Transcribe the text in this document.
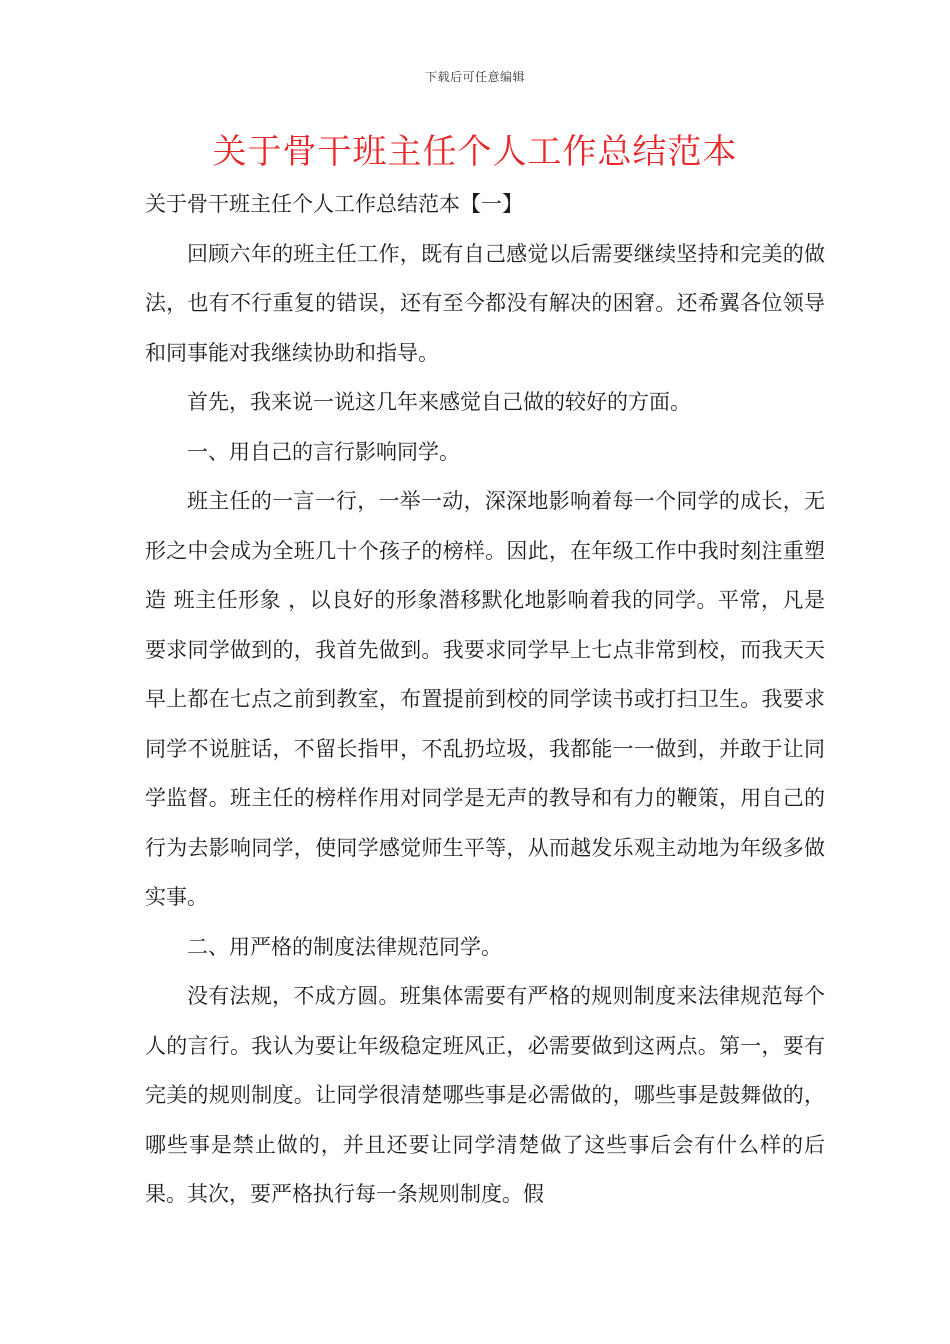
下载后可任意编辑
关于骨干班主任个人工作总结范本

关于骨干班主任个人工作总结范本【一】

回顾六年的班主任工作，既有自己感觉以后需要继续坚持和完美的做法，也有不行重复的错误，还有至今都没有解决的困窘。还希翼各位领导和同事能对我继续协助和指导。

首先，我来说一说这几年来感觉自己做的较好的方面。

一、用自己的言行影响同学。

班主任的一言一行，一举一动，深深地影响着每一个同学的成长，无形之中会成为全班几十个孩子的榜样。因此，在年级工作中我时刻注重塑造 班主任形象 ，以良好的形象潜移默化地影响着我的同学。平常，凡是要求同学做到的，我首先做到。我要求同学早上七点非常到校，而我天天早上都在七点之前到教室，布置提前到校的同学读书或打扫卫生。我要求同学不说脏话，不留长指甲，不乱扔垃圾，我都能一一做到，并敢于让同学监督。班主任的榜样作用对同学是无声的教导和有力的鞭策，用自己的行为去影响同学，使同学感觉师生平等，从而越发乐观主动地为年级多做实事。

二、用严格的制度法律规范同学。

没有法规，不成方圆。班集体需要有严格的规则制度来法律规范每个人的言行。我认为要让年级稳定班风正，必需要做到这两点。第一，要有完美的规则制度。让同学很清楚哪些事是必需做的，哪些事是鼓舞做的，哪些事是禁止做的，并且还要让同学清楚做了这些事后会有什么样的后果。其次，要严格执行每一条规则制度。假
